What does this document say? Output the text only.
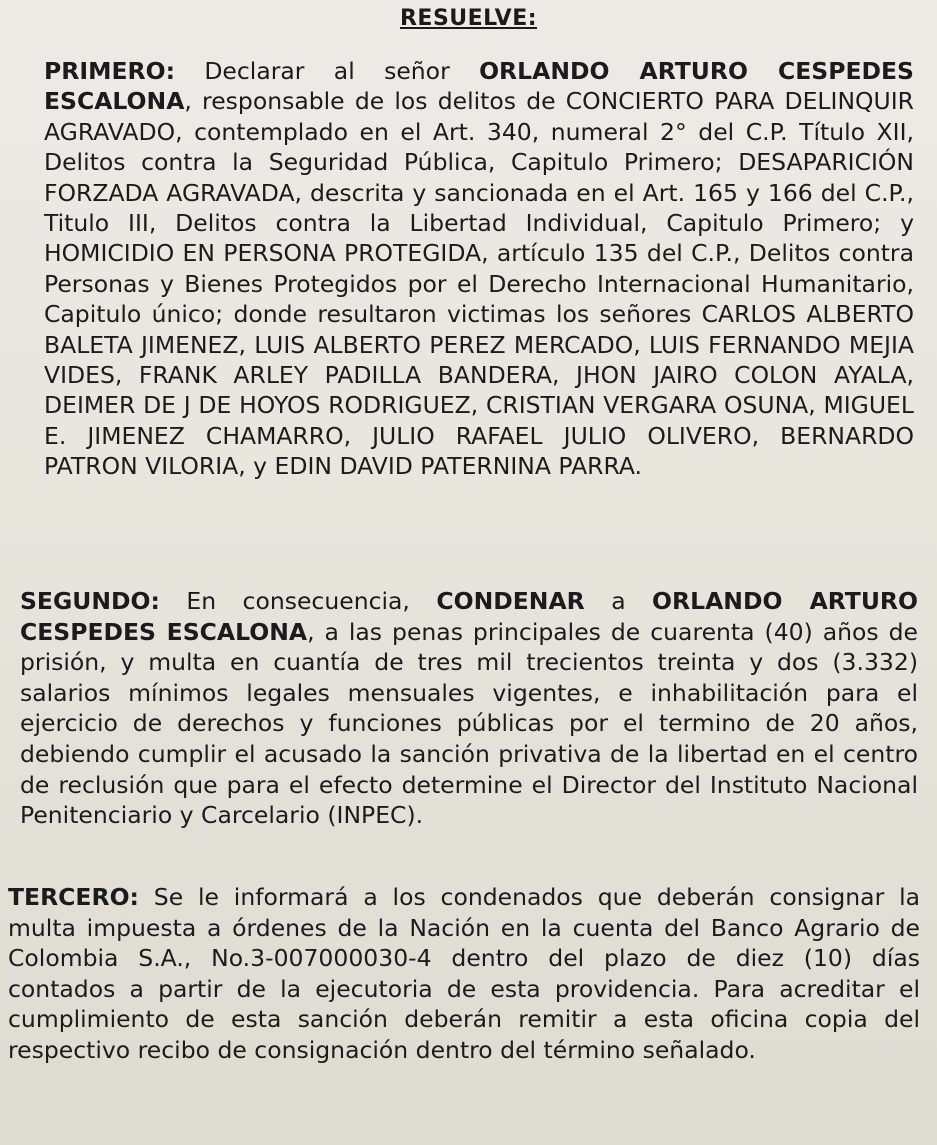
RESUELVE:

PRIMERO: Declarar al señor ORLANDO ARTURO CESPEDES ESCALONA, responsable de los delitos de CONCIERTO PARA DELINQUIR AGRAVADO, contemplado en el Art. 340, numeral 2° del C.P. Título XII, Delitos contra la Seguridad Pública, Capitulo Primero; DESAPARICIÓN FORZADA AGRAVADA, descrita y sancionada en el Art. 165 y 166 del C.P., Titulo III, Delitos contra la Libertad Individual, Capitulo Primero; y HOMICIDIO EN PERSONA PROTEGIDA, artículo 135 del C.P., Delitos contra Personas y Bienes Protegidos por el Derecho Internacional Humanitario, Capitulo único; donde resultaron victimas los señores CARLOS ALBERTO BALETA JIMENEZ, LUIS ALBERTO PEREZ MERCADO, LUIS FERNANDO MEJIA VIDES, FRANK ARLEY PADILLA BANDERA, JHON JAIRO COLON AYALA, DEIMER DE J DE HOYOS RODRIGUEZ, CRISTIAN VERGARA OSUNA, MIGUEL E. JIMENEZ CHAMARRO, JULIO RAFAEL JULIO OLIVERO, BERNARDO PATRON VILORIA, y EDIN DAVID PATERNINA PARRA.

SEGUNDO: En consecuencia, CONDENAR a ORLANDO ARTURO CESPEDES ESCALONA, a las penas principales de cuarenta (40) años de prisión, y multa en cuantía de tres mil trecientos treinta y dos (3.332) salarios mínimos legales mensuales vigentes, e inhabilitación para el ejercicio de derechos y funciones públicas por el termino de 20 años, debiendo cumplir el acusado la sanción privativa de la libertad en el centro de reclusión que para el efecto determine el Director del Instituto Nacional Penitenciario y Carcelario (INPEC).

TERCERO: Se le informará a los condenados que deberán consignar la multa impuesta a órdenes de la Nación en la cuenta del Banco Agrario de Colombia S.A., No.3-007000030-4 dentro del plazo de diez (10) días contados a partir de la ejecutoria de esta providencia. Para acreditar el cumplimiento de esta sanción deberán remitir a esta oficina copia del respectivo recibo de consignación dentro del término señalado.
